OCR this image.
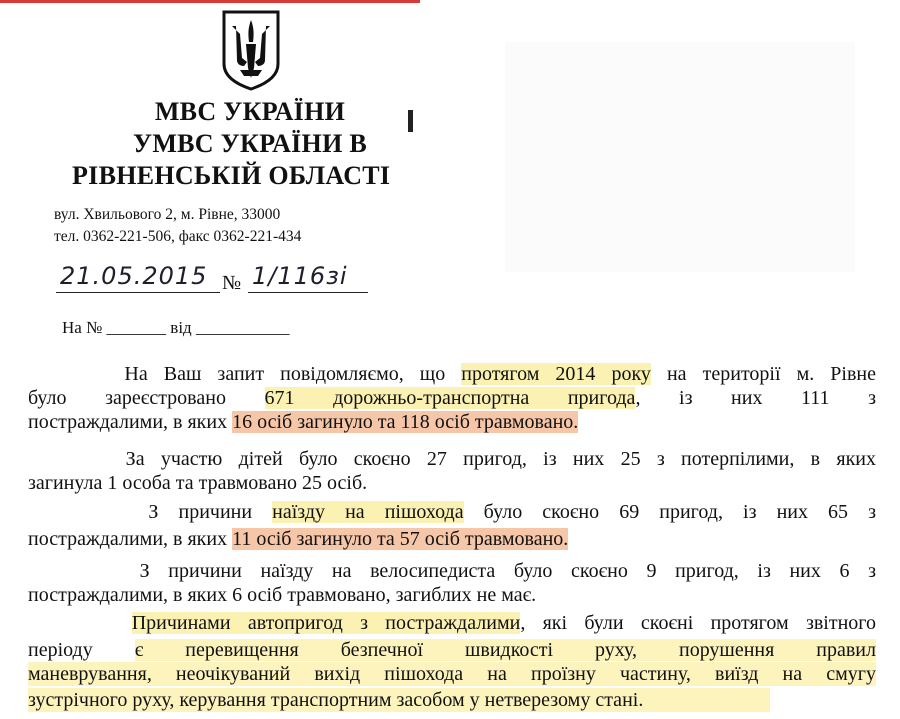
МВС УКРАЇНИ
УМВС УКРАЇНИ В
РІВНЕНСЬКІЙ ОБЛАСТІ
вул. Хвильового 2, м. Рівне, 33000
тел. 0362-221-506, факс 0362-221-434
21.05.2015 № 1/116зі
На № _______ від ___________
На Ваш запит повідомляємо, що протягом 2014 року на території м. Рівне
було зареєстровано 671 дорожньо-транспортна пригода, із них 111 з
постраждалими, в яких 16 осіб загинуло та 118 осіб травмовано.
За участю дітей було скоєно 27 пригод, із них 25 з потерпілими, в яких
загинула 1 особа та травмовано 25 осіб.
З причини наїзду на пішохода було скоєно 69 пригод, із них 65 з
постраждалими, в яких 11 осіб загинуло та 57 осіб травмовано.
З причини наїзду на велосипедиста було скоєно 9 пригод, із них 6 з
постраждалими, в яких 6 осіб травмовано, загиблих не має.
Причинами автопригод з постраждалими, які були скоєні протягом звітного
періоду є перевищення безпечної швидкості руху, порушення правил
маневрування, неочікуваний вихід пішохода на проїзну частину, виїзд на смугу
зустрічного руху, керування транспортним засобом у нетверезому стані.
